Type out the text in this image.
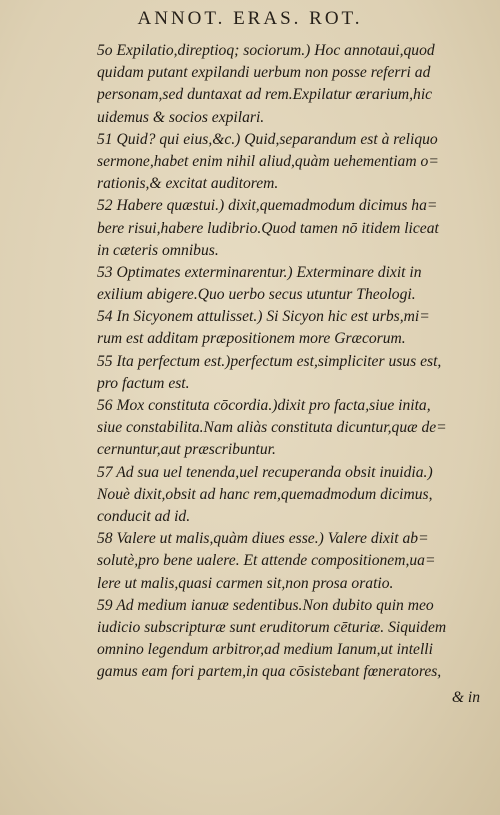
ANNOT. ERAS. ROT.
5o Expilatio,direptioq; sociorum.) Hoc annotaui,quod
quidam putant expilandi uerbum non posse referri ad
personam,sed duntaxat ad rem.Expilatur ærarium,hic
uidemus & socios expilari.
51 Quid? qui eius,&c.) Quid,separandum est à reliquo
sermone,habet enim nihil aliud,quàm uehementiam o=
rationis,& excitat auditorem.
52 Habere quæstui.) dixit,quemadmodum dicimus ha=
bere risui,habere ludibrio.Quod tamen nō itidem liceat
in cæteris omnibus.
53 Optimates exterminarentur.) Exterminare dixit in
exilium abigere.Quo uerbo secus utuntur Theologi.
54 In Sicyonem attulisset.) Si Sicyon hic est urbs,mi=
rum est additam præpositionem more Græcorum.
55 Ita perfectum est.)perfectum est,simpliciter usus est,
pro factum est.
56 Mox constituta cōcordia.)dixit pro facta,siue inita,
siue constabilita.Nam aliàs constituta dicuntur,quæ de=
cernuntur,aut præscribuntur.
57 Ad sua uel tenenda,uel recuperanda obsit inuidia.)
Nouè dixit,obsit ad hanc rem,quemadmodum dicimus,
conducit ad id.
58 Valere ut malis,quàm diues esse.) Valere dixit ab=
solutè,pro bene ualere. Et attende compositionem,ua=
lere ut malis,quasi carmen sit,non prosa oratio.
59 Ad medium ianuæ sedentibus.Non dubito quin meo
iudicio subscripturæ sunt eruditorum cēturiæ. Siquidem
omnino legendum arbitror,ad medium Ianum,ut intelli
gamus eam fori partem,in qua cōsistebant fœneratores,
& in
